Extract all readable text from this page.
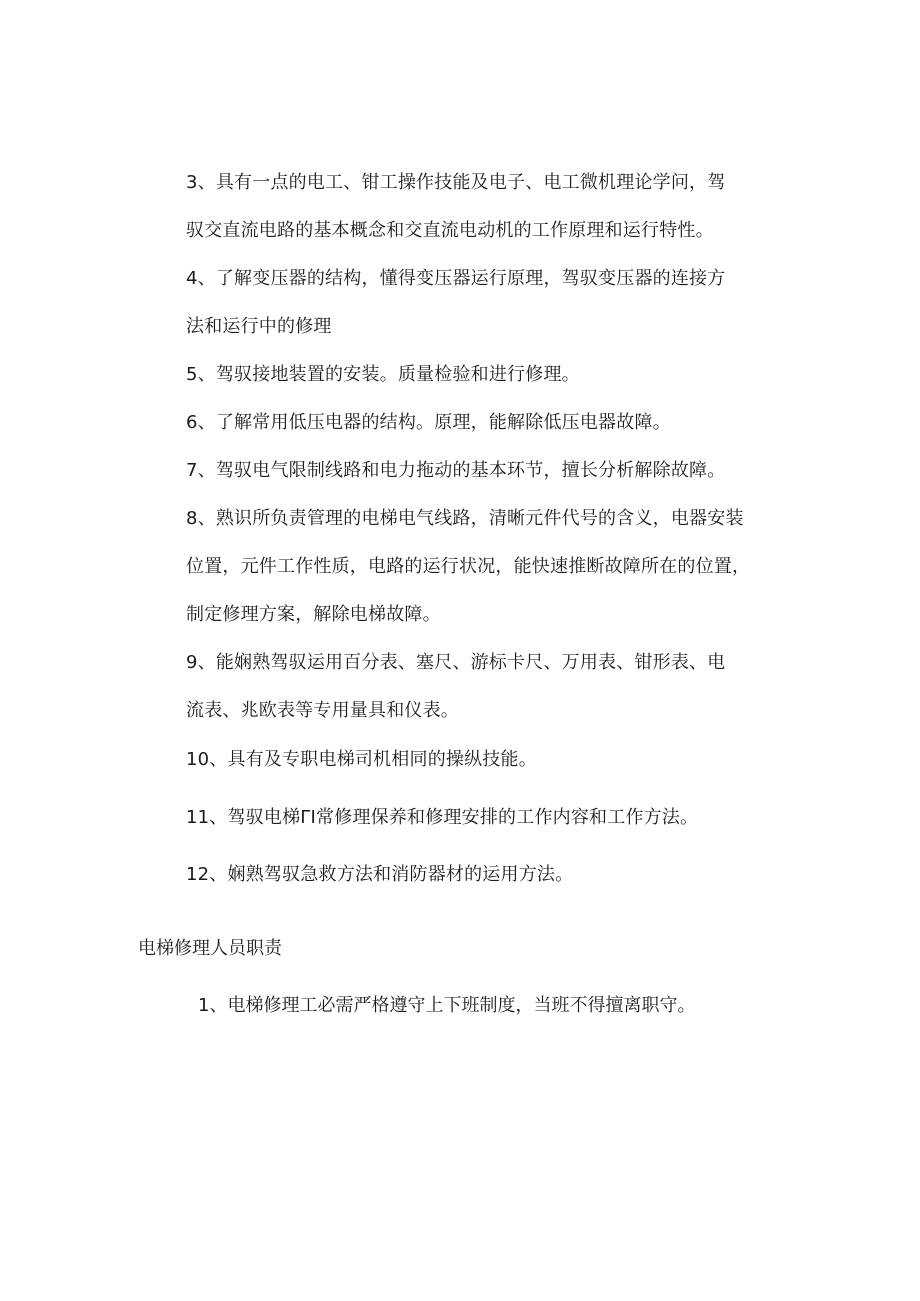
3、具有一点的电工、钳工操作技能及电子、电工微机理论学问，驾
驭交直流电路的基本概念和交直流电动机的工作原理和运行特性。
4、了解变压器的结构，懂得变压器运行原理，驾驭变压器的连接方
法和运行中的修理
5、驾驭接地装置的安装。质量检验和进行修理。
6、了解常用低压电器的结构。原理，能解除低压电器故障。
7、驾驭电气限制线路和电力拖动的基本环节，擅长分析解除故障。
8、熟识所负责管理的电梯电气线路，清晰元件代号的含义，电器安装
位置，元件工作性质，电路的运行状况，能快速推断故障所在的位置，
制定修理方案，解除电梯故障。
9、能娴熟驾驭运用百分表、塞尺、游标卡尺、万用表、钳形表、电
流表、兆欧表等专用量具和仪表。
10、具有及专职电梯司机相同的操纵技能。
11、驾驭电梯ΓI常修理保养和修理安排的工作内容和工作方法。
12、娴熟驾驭急救方法和消防器材的运用方法。
电梯修理人员职责
1、电梯修理工必需严格遵守上下班制度，当班不得擅离职守。
